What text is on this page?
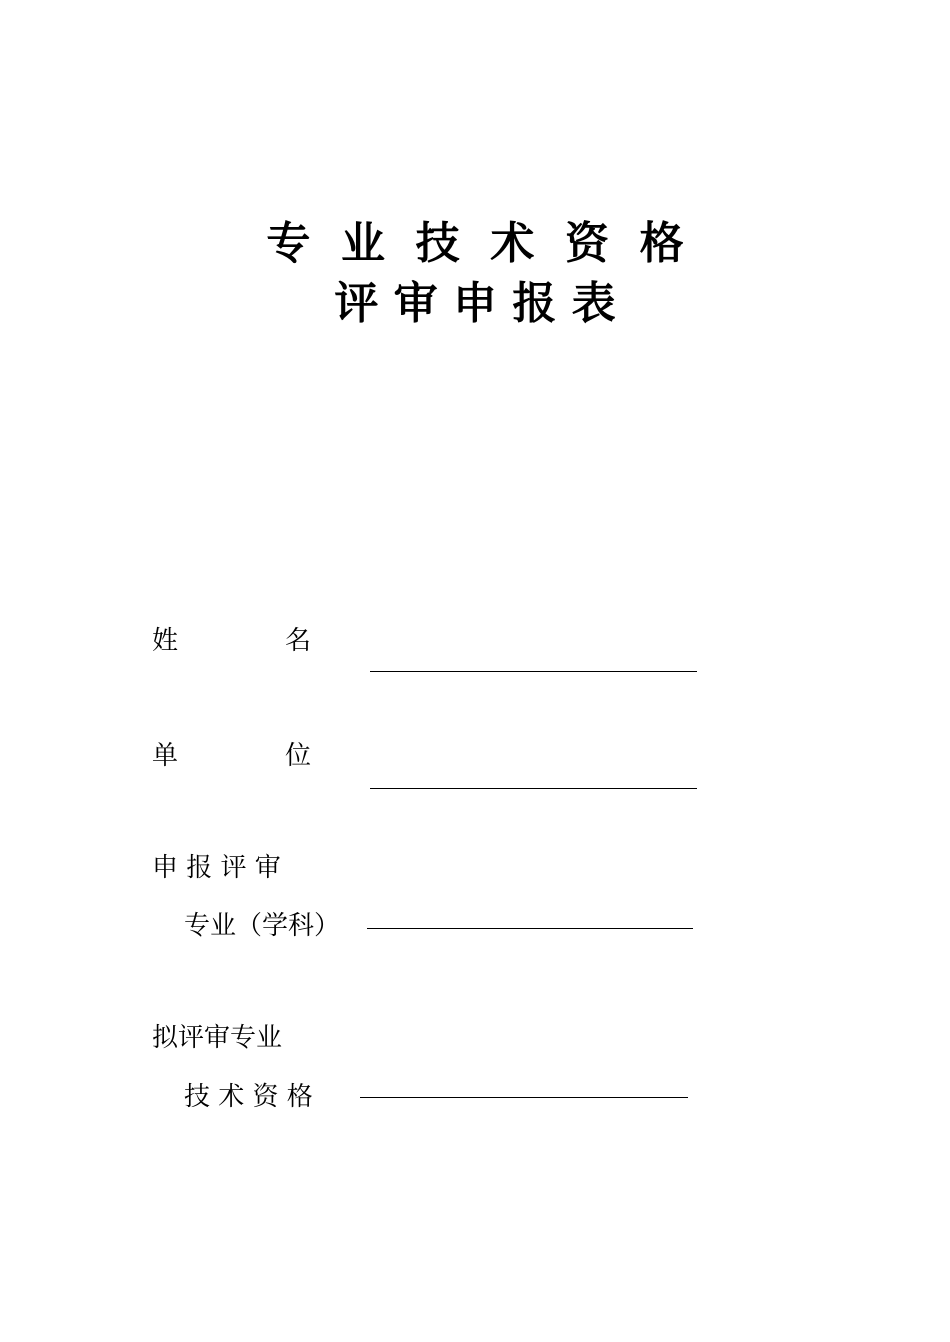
专  业  技  术  资  格
评 审 申 报 表
姓	名
单	位
申 报 评 审
专业（学科）
拟评审专业
技 术 资 格
